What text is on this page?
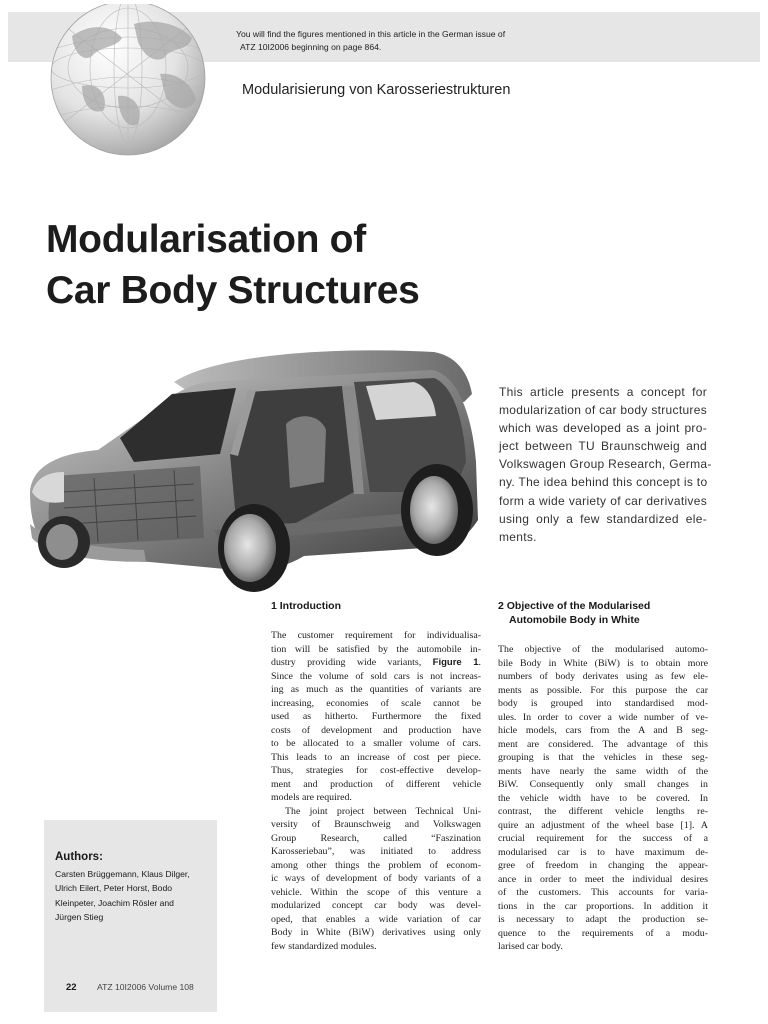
You will find the figures mentioned in this article in the German issue of
ATZ 10I2006 beginning on page 864.
Modularisierung von Karosseriestrukturen
Modularisation of
Car Body Structures
This article presents a concept for
modularization of car body structures
which was developed as a joint pro-
ject between TU Braunschweig and
Volkswagen Group Research, Germa-
ny. The idea behind this concept is to
form a wide variety of car derivatives
using only a few standardized ele-
ments.
1 Introduction
The customer requirement for individualisa-
tion will be satisfied by the automobile in-
dustry providing wide variants, Figure 1.
Since the volume of sold cars is not increas-
ing as much as the quantities of variants are
increasing, economies of scale cannot be
used as hitherto. Furthermore the fixed
costs of development and production have
to be allocated to a smaller volume of cars.
This leads to an increase of cost per piece.
Thus, strategies for cost-effective develop-
ment and production of different vehicle
models are required.
The joint project between Technical Uni-
versity of Braunschweig and Volkswagen
Group Research, called “Faszination
Karosseriebau”, was initiated to address
among other things the problem of econom-
ic ways of development of body variants of a
vehicle. Within the scope of this venture a
modularized concept car body was devel-
oped, that enables a wide variation of car
Body in White (BiW) derivatives using only
few standardized modules.
2 Objective of the Modularised
Automobile Body in White
The objective of the modularised automo-
bile Body in White (BiW) is to obtain more
numbers of body derivates using as few ele-
ments as possible. For this purpose the car
body is grouped into standardised mod-
ules. In order to cover a wide number of ve-
hicle models, cars from the A and B seg-
ment are considered. The advantage of this
grouping is that the vehicles in these seg-
ments have nearly the same width of the
BiW. Consequently only small changes in
the vehicle width have to be covered. In
contrast, the different vehicle lengths re-
quire an adjustment of the wheel base [1]. A
crucial requirement for the success of a
modularised car is to have maximum de-
gree of freedom in changing the appear-
ance in order to meet the individual desires
of the customers. This accounts for varia-
tions in the car proportions. In addition it
is necessary to adapt the production se-
quence to the requirements of a modu-
larised car body.
Authors:
Carsten Brüggemann, Klaus Dilger,
Ulrich Eilert, Peter Horst, Bodo
Kleinpeter, Joachim Rösler and
Jürgen Stieg
22 ATZ 10I2006 Volume 108
